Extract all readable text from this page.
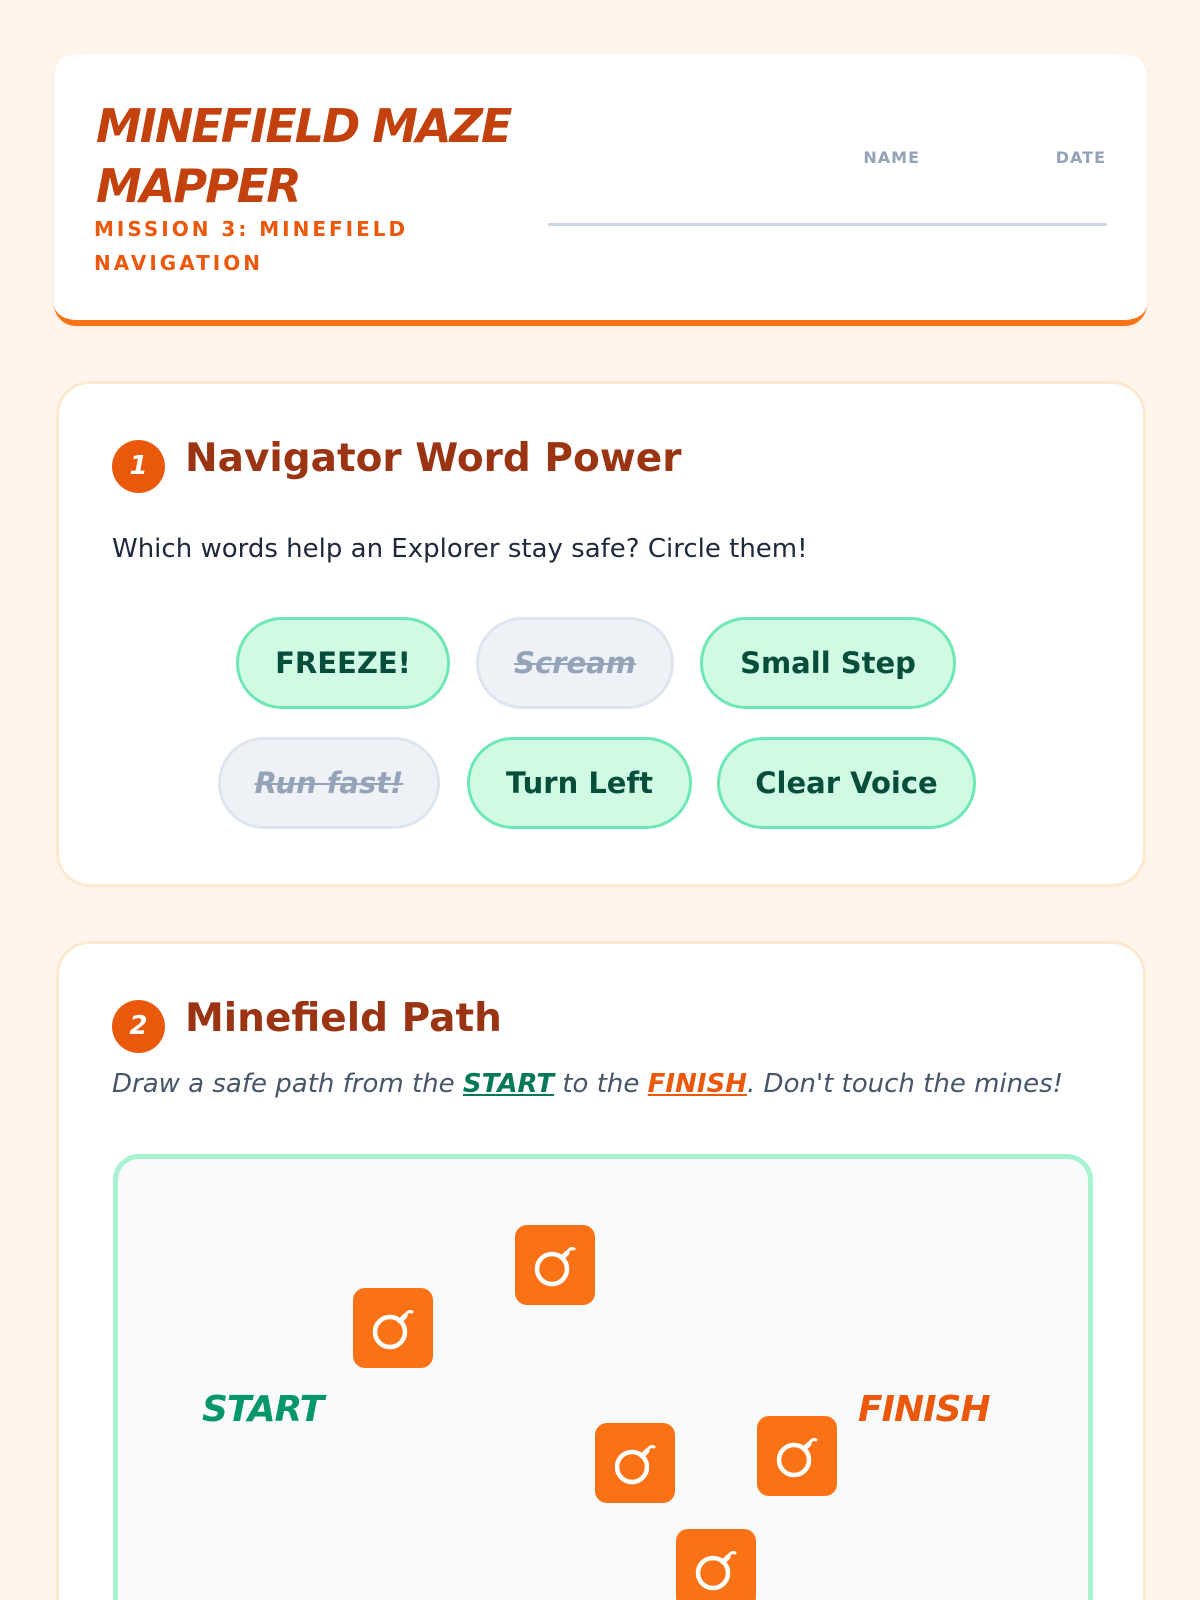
MINEFIELD MAZE MAPPER
MISSION 3: MINEFIELD NAVIGATION
NAME	DATE
1 Navigator Word Power
Which words help an Explorer stay safe? Circle them!
FREEZE!	Scream	Small Step
Run fast!	Turn Left	Clear Voice
2 Minefield Path
Draw a safe path from the START to the FINISH. Don't touch the mines!
START	FINISH
